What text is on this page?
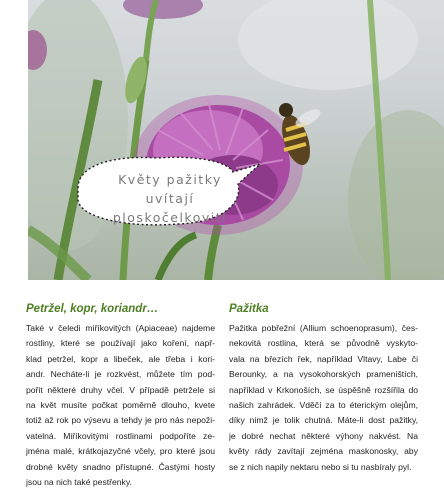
Květy pažitky
uvítají
ploskočelkovití
Petržel, kopr, koriandr…

Také v čeledi miříkovitých (Apiaceae) najdeme
rostliny, které se používají jako koření, např-
klad petržel, kopr a libeček, ale třeba i kori-
andr. Necháte-li je rozkvést, můžete tím pod-
pořit některé druhy včel. V případě petržele si
na květ musíte počkat poměrně dlouho, kvete
totiž až rok po výsevu a tehdy je pro nás nepoži-
vatelná. Miříkovitými rostlinami podpoříte ze-
jména malé, krátkojazyčné včely, pro které jsou
drobné květy snadno přístupné. Častými hosty
jsou na nich také pestřenky.

Pažitka

Pažitka pobřežní (Allium schoenoprasum), čes-
nekovitá rostlina, která se původně vyskyto-
vala na březích řek, například Vltavy, Labe či
Berounky, a na vysokohorských prameništích,
například v Krkonoších, se úspěšně rozšířila do
našich zahrádek. Vděčí za to éterickým olejům,
díky nimž je tolik chutná. Máte-li dost pažitky,
je dobré nechat některé výhony nakvést. Na
květy rády zavítají zejména maskonosky, aby
se z nich napily nektaru nebo si tu nasbíraly pyl.
